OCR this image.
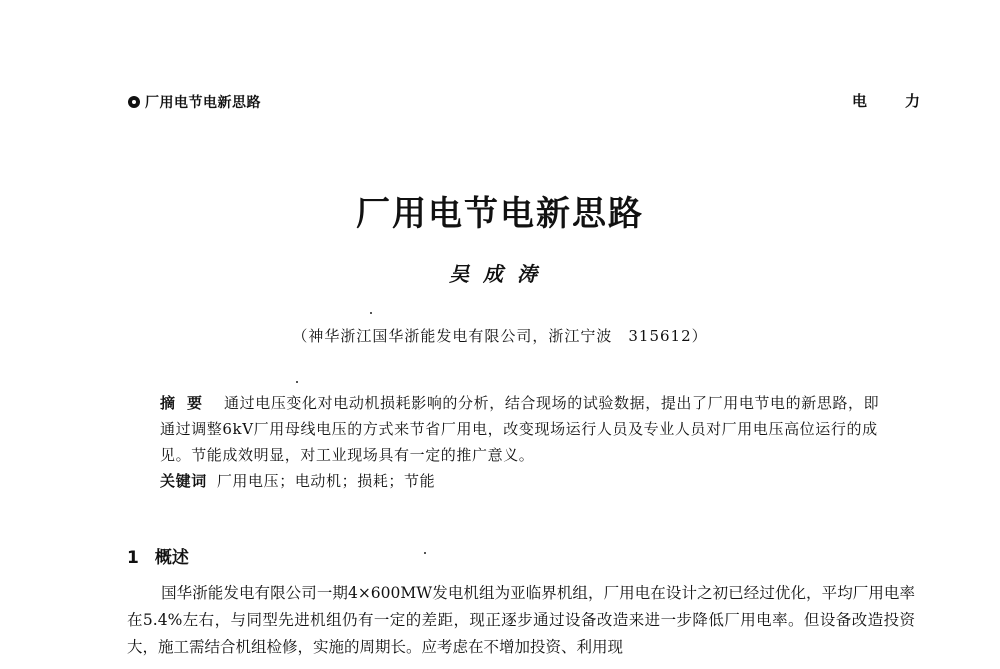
厂用电节电新思路	电力
厂用电节电新思路
吴成涛
（神华浙江国华浙能发电有限公司，浙江宁波　315612）
摘要 通过电压变化对电动机损耗影响的分析，结合现场的试验数据，提出了厂用电节电的新思路，即通过调整6kV厂用母线电压的方式来节省厂用电，改变现场运行人员及专业人员对厂用电压高位运行的成见。节能成效明显，对工业现场具有一定的推广意义。
关键词 厂用电压；电动机；损耗；节能
1 概述
国华浙能发电有限公司一期4×600MW发电机组为亚临界机组，厂用电在设计之初已经过优化，平均厂用电率在5.4%左右，与同型先进机组仍有一定的差距，现正逐步通过设备改造来进一步降低厂用电率。但设备改造投资大，施工需结合机组检修，实施的周期长。应考虑在不增加投资、利用现
